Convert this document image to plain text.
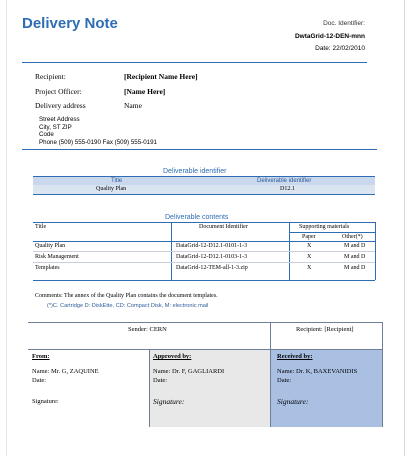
Delivery Note	Doc. Identifier:
DwtaGrid-12-DEN-mnn
Date: 22/02/2010
Recipient:	[Recipient Name Here]
Project Officer:	[Name Here]
Delivery address	Name
Street Address
City, ST ZIP
Code
Phone (509) 555-0190 Fax (509) 555-0191
Deliverable identifier
Title	Deliverable identifier
Quality Plan	D12.1
Deliverable contents
Title	Document Identifier	Supporting materials
Paper	Other(*)
Quality Plan	DataGrid-12-D12.1-0101-1-3	X	M and D
Risk Management	DataGrid-12-D12.1-0103-1-3	X	M and D
Templates	DataGrid-12-TEM-all-1-3.zip	X	M and D
Comments: The annex of the Quality Plan contains the document templates.
(*)C. Cartridge D: DiskEtte, CD: Compact Disk, M: electronic mail
Sender: CERN	Recipient: [Recipient]
From:
Name: Mr. G, ZAQUINE
Date:
Signature:
Approved by:
Name: Dr. F, GAGLIARDI
Date:
Signature:
Received by:
Name: Dr. K, BAXEVANIDIS
Date:
Signature:
